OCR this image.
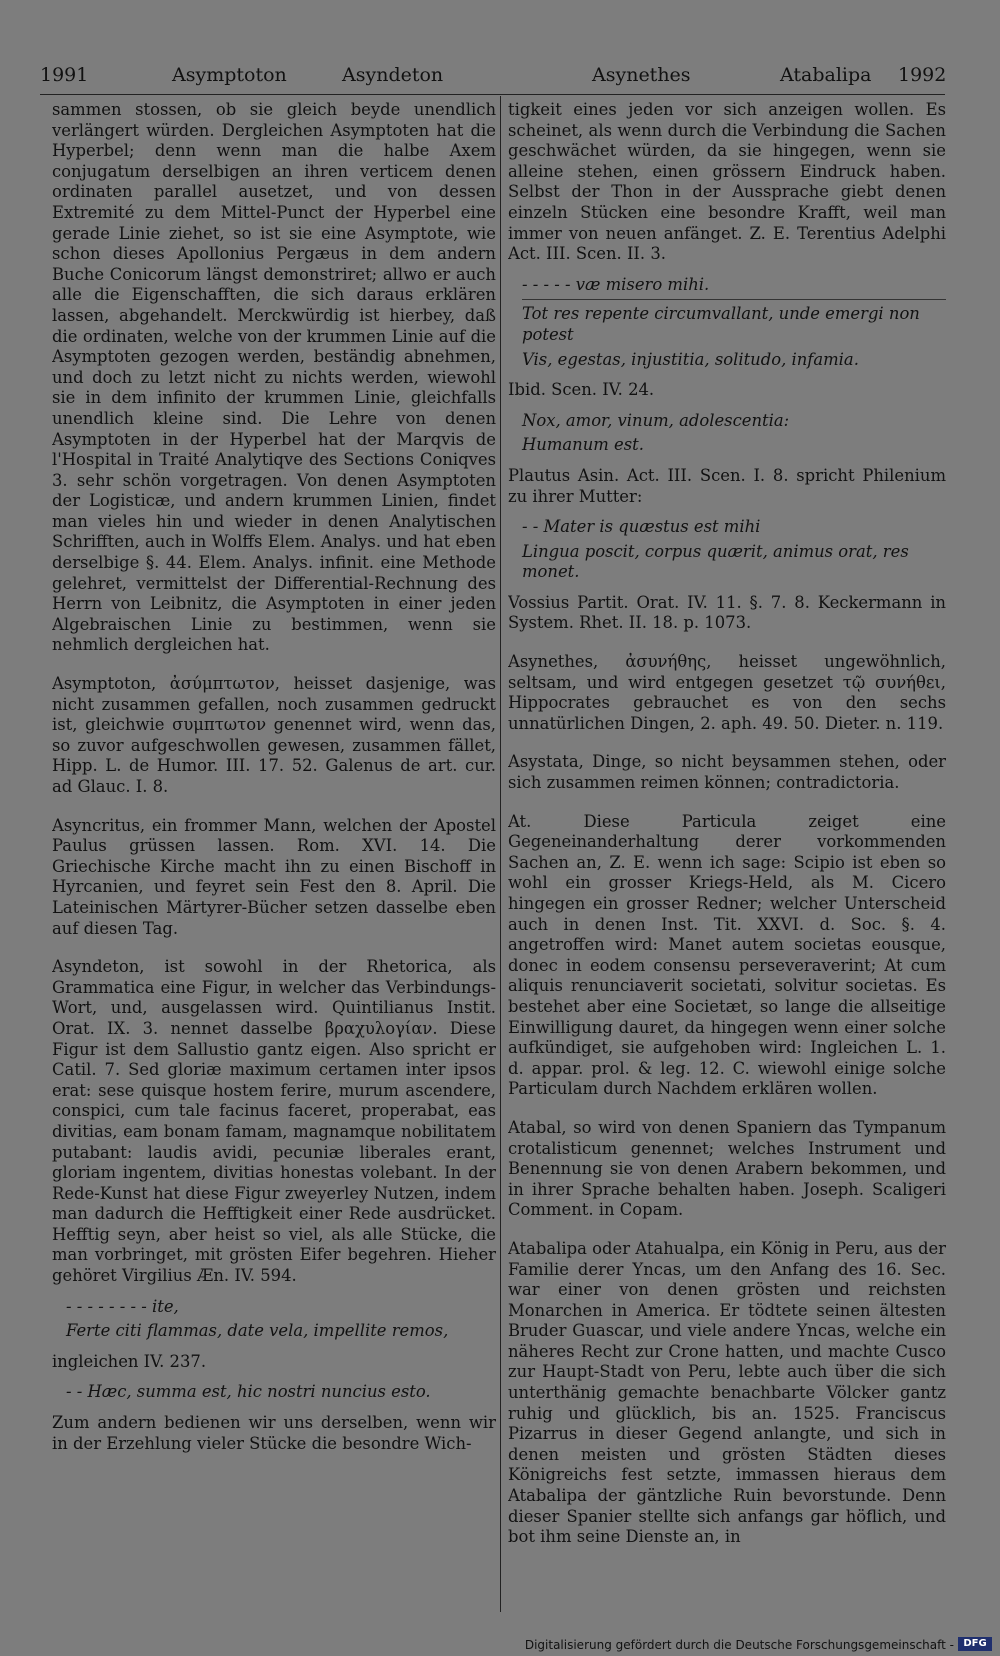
1991	Asymptoton	Asyndeton	Asynethes	Atabalipa 1992
sammen stossen, ob sie gleich beyde unendlich verlängert würden. Dergleichen Asymptoten hat die Hyperbel; denn wenn man die halbe Axem conjugatum derselbigen an ihren verticem denen ordinaten parallel ausetzet, und von dessen Extremité zu dem Mittel-Punct der Hyperbel eine gerade Linie ziehet, so ist sie eine Asymptote, wie schon dieses Apollonius Pergæus in dem andern Buche Conicorum längst demonstriret; allwo er auch alle die Eigenschafften, die sich daraus erklären lassen, abgehandelt. Merckwürdig ist hierbey, daß die ordinaten, welche von der krummen Linie auf die Asymptoten gezogen werden, beständig abnehmen, und doch zu letzt nicht zu nichts werden, wiewohl sie in dem infinito der krummen Linie, gleichfalls unendlich kleine sind. Die Lehre von denen Asymptoten in der Hyperbel hat der Marqvis de l'Hospital in Traité Analytiqve des Sections Coniqves 3. sehr schön vorgetragen. Von denen Asymptoten der Logisticæ, und andern krummen Linien, findet man vieles hin und wieder in denen Analytischen Schrifften, auch in Wolffs Elem. Analys. und hat eben derselbige §. 44. Elem. Analys. infinit. eine Methode gelehret, vermittelst der Differential-Rechnung des Herrn von Leibnitz, die Asymptoten in einer jeden Algebraischen Linie zu bestimmen, wenn sie nehmlich dergleichen hat.
Asymptoton, ἀσύμπτωτον, heisset dasjenige, was nicht zusammen gefallen, noch zusammen gedruckt ist, gleichwie συμπτωτον genennet wird, wenn das, so zuvor aufgeschwollen gewesen, zusammen fället, Hipp. L. de Humor. III. 17. 52. Galenus de art. cur. ad Glauc. I. 8.
Asyncritus, ein frommer Mann, welchen der Apostel Paulus grüssen lassen. Rom. XVI. 14. Die Griechische Kirche macht ihn zu einen Bischoff in Hyrcanien, und feyret sein Fest den 8. April. Die Lateinischen Märtyrer-Bücher setzen dasselbe eben auf diesen Tag.
Asyndeton, ist sowohl in der Rhetorica, als Grammatica eine Figur, in welcher das Verbindungs-Wort, und, ausgelassen wird. Quintilianus Instit. Orat. IX. 3. nennet dasselbe βραχυλογίαν. Diese Figur ist dem Sallustio gantz eigen. Also spricht er Catil. 7. Sed gloriæ maximum certamen inter ipsos erat: sese quisque hostem ferire, murum ascendere, conspici, cum tale facinus faceret, properabat, eas divitias, eam bonam famam, magnamque nobilitatem putabant: laudis avidi, pecuniæ liberales erant, gloriam ingentem, divitias honestas volebant. In der Rede-Kunst hat diese Figur zweyerley Nutzen, indem man dadurch die Hefftigkeit einer Rede ausdrücket. Hefftig seyn, aber heist so viel, als alle Stücke, die man vorbringet, mit grösten Eifer begehren. Hieher gehöret Virgilius Æn. IV. 594.
- - - - - - - - ite,
Ferte citi flammas, date vela, impellite remos,
ingleichen IV. 237.
- - Hæc, summa est, hic nostri nuncius esto.
Zum andern bedienen wir uns derselben, wenn wir in der Erzehlung vieler Stücke die besondre Wich-
tigkeit eines jeden vor sich anzeigen wollen. Es scheinet, als wenn durch die Verbindung die Sachen geschwächet würden, da sie hingegen, wenn sie alleine stehen, einen grössern Eindruck haben. Selbst der Thon in der Aussprache giebt denen einzeln Stücken eine besondre Krafft, weil man immer von neuen anfänget. Z. E. Terentius Adelphi Act. III. Scen. II. 3.
- - - - - væ misero mihi.
Tot res repente circumvallant, unde emergi non potest
Vis, egestas, injustitia, solitudo, infamia.
Ibid. Scen. IV. 24.
Nox, amor, vinum, adolescentia:
Humanum est.
Plautus Asin. Act. III. Scen. I. 8. spricht Philenium zu ihrer Mutter:
- - Mater is quæstus est mihi
Lingua poscit, corpus quærit, animus orat, res monet.
Vossius Partit. Orat. IV. 11. §. 7. 8. Keckermann in System. Rhet. II. 18. p. 1073.
Asynethes, ἀσυνήθης, heisset ungewöhnlich, seltsam, und wird entgegen gesetzet τῷ συνήθει, Hippocrates gebrauchet es von den sechs unnatürlichen Dingen, 2. aph. 49. 50. Dieter. n. 119.
Asystata, Dinge, so nicht beysammen stehen, oder sich zusammen reimen können; contradictoria.
At. Diese Particula zeiget eine Gegeneinanderhaltung derer vorkommenden Sachen an, Z. E. wenn ich sage: Scipio ist eben so wohl ein grosser Kriegs-Held, als M. Cicero hingegen ein grosser Redner; welcher Unterscheid auch in denen Inst. Tit. XXVI. d. Soc. §. 4. angetroffen wird: Manet autem societas eousque, donec in eodem consensu perseveraverint; At cum aliquis renunciaverit societati, solvitur societas. Es bestehet aber eine Societæt, so lange die allseitige Einwilligung dauret, da hingegen wenn einer solche aufkündiget, sie aufgehoben wird: Ingleichen L. 1. d. appar. prol. & leg. 12. C. wiewohl einige solche Particulam durch Nachdem erklären wollen.
Atabal, so wird von denen Spaniern das Tympanum crotalisticum genennet; welches Instrument und Benennung sie von denen Arabern bekommen, und in ihrer Sprache behalten haben. Joseph. Scaligeri Comment. in Copam.
Atabalipa oder Atahualpa, ein König in Peru, aus der Familie derer Yncas, um den Anfang des 16. Sec. war einer von denen grösten und reichsten Monarchen in America. Er tödtete seinen ältesten Bruder Guascar, und viele andere Yncas, welche ein näheres Recht zur Crone hatten, und machte Cusco zur Haupt-Stadt von Peru, lebte auch über die sich unterthänig gemachte benachbarte Völcker gantz ruhig und glücklich, bis an. 1525. Franciscus Pizarrus in dieser Gegend anlangte, und sich in denen meisten und grösten Städten dieses Königreichs fest setzte, immassen hieraus dem Atabalipa der gäntzliche Ruin bevorstunde. Denn dieser Spanier stellte sich anfangs gar höflich, und bot ihm seine Dienste an, in
Digitalisierung gefördert durch die Deutsche Forschungsgemeinschaft - DFG
